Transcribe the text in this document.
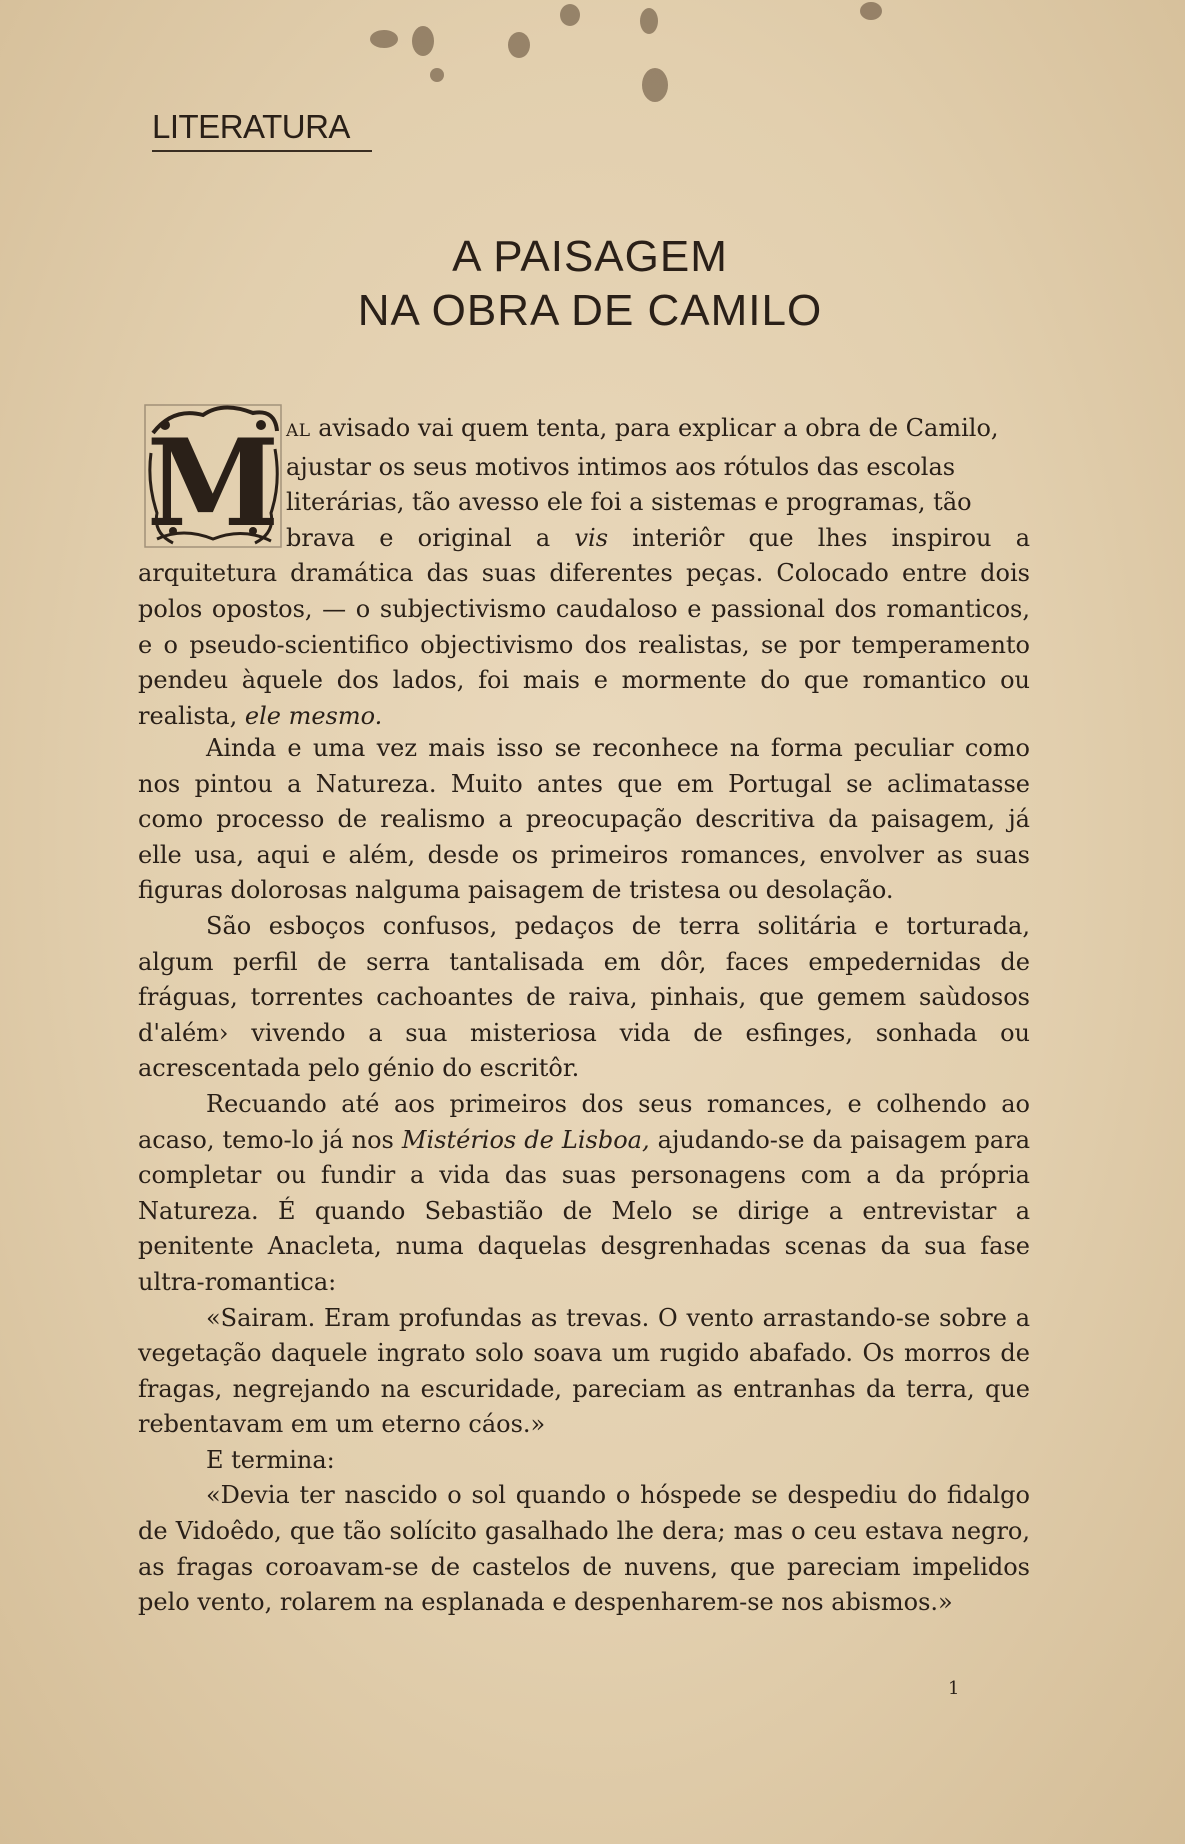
LITERATURA
A PAISAGEM
NA OBRA DE CAMILO
M AL avisado vai quem tenta, para explicar a obra de Camilo,
ajustar os seus motivos intimos aos rótulos das escolas
literárias, tão avesso ele foi a sistemas e programas, tão
brava e original a vis interiôr que lhes inspirou a

arquitetura dramática das suas diferentes peças. Colocado entre dois polos opostos, — o subjectivismo caudaloso e passional dos romanticos, e o pseudo-scientifico objectivismo dos realistas, se por temperamento pendeu àquele dos lados, foi mais e mormente do que romantico ou realista, ele mesmo.

Ainda e uma vez mais isso se reconhece na forma peculiar como nos pintou a Natureza. Muito antes que em Portugal se aclimatasse como processo de realismo a preocupação descritiva da paisagem, já elle usa, aqui e além, desde os primeiros romances, envolver as suas figuras dolorosas nalguma paisagem de tristesa ou desolação.

São esboços confusos, pedaços de terra solitária e torturada, algum perfil de serra tantalisada em dôr, faces empedernidas de fráguas, torrentes cachoantes de raiva, pinhais, que gemem saùdosos d'além› vivendo a sua misteriosa vida de esfinges, sonhada ou acrescentada pelo génio do escritôr.

Recuando até aos primeiros dos seus romances, e colhendo ao acaso, temo-lo já nos Mistérios de Lisboa, ajudando-se da paisagem para completar ou fundir a vida das suas personagens com a da própria Natureza. É quando Sebastião de Melo se dirige a entrevistar a penitente Anacleta, numa daquelas desgrenhadas scenas da sua fase ultra-romantica:

«Sairam. Eram profundas as trevas. O vento arrastando-se sobre a vegetação daquele ingrato solo soava um rugido abafado. Os morros de fragas, negrejando na escuridade, pareciam as entranhas da terra, que rebentavam em um eterno cáos.»

E termina:

«Devia ter nascido o sol quando o hóspede se despediu do fidalgo de Vidoêdo, que tão solícito gasalhado lhe dera; mas o ceu estava negro, as fragas coroavam-se de castelos de nuvens, que pareciam impelidos pelo vento, rolarem na esplanada e despenharem-se nos abismos.»

1
